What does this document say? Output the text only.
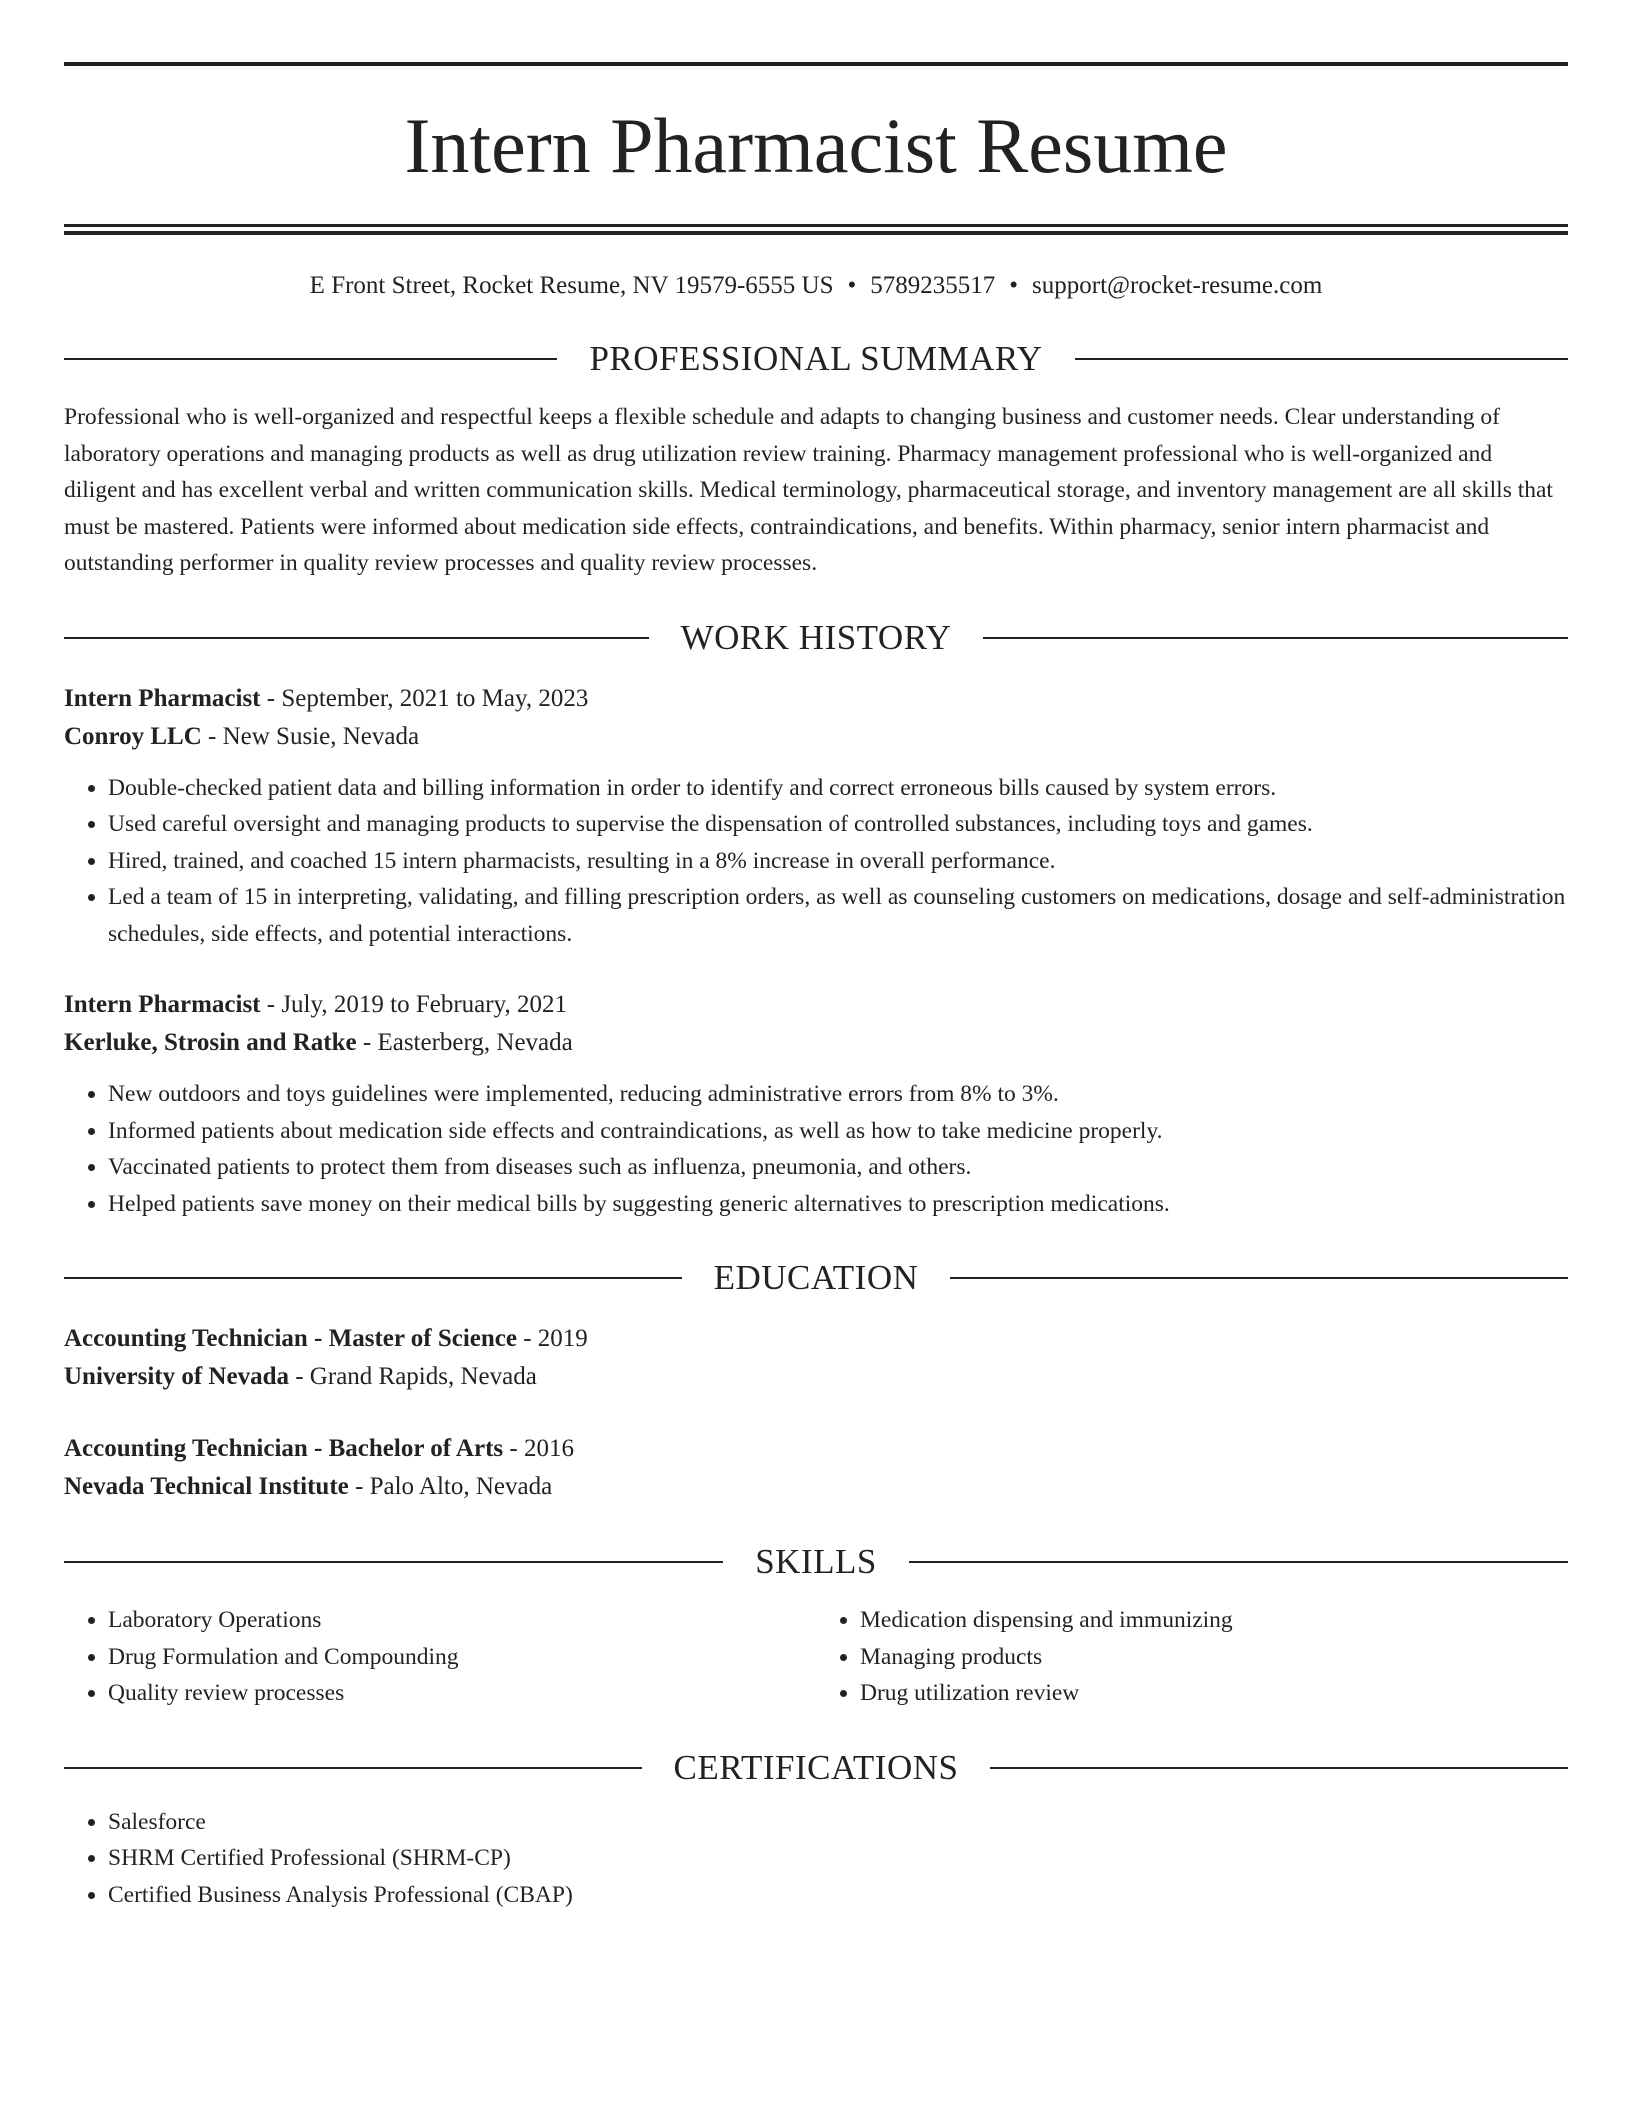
Intern Pharmacist Resume
E Front Street, Rocket Resume, NV 19579-6555 US • 5789235517 • support@rocket-resume.com
PROFESSIONAL SUMMARY
Professional who is well-organized and respectful keeps a flexible schedule and adapts to changing business and customer needs. Clear understanding of laboratory operations and managing products as well as drug utilization review training. Pharmacy management professional who is well-organized and diligent and has excellent verbal and written communication skills. Medical terminology, pharmaceutical storage, and inventory management are all skills that must be mastered. Patients were informed about medication side effects, contraindications, and benefits. Within pharmacy, senior intern pharmacist and outstanding performer in quality review processes and quality review processes.
WORK HISTORY
Intern Pharmacist - September, 2021 to May, 2023
Conroy LLC - New Susie, Nevada
• Double-checked patient data and billing information in order to identify and correct erroneous bills caused by system errors.
• Used careful oversight and managing products to supervise the dispensation of controlled substances, including toys and games.
• Hired, trained, and coached 15 intern pharmacists, resulting in a 8% increase in overall performance.
• Led a team of 15 in interpreting, validating, and filling prescription orders, as well as counseling customers on medications, dosage and self-administration schedules, side effects, and potential interactions.
Intern Pharmacist - July, 2019 to February, 2021
Kerluke, Strosin and Ratke - Easterberg, Nevada
• New outdoors and toys guidelines were implemented, reducing administrative errors from 8% to 3%.
• Informed patients about medication side effects and contraindications, as well as how to take medicine properly.
• Vaccinated patients to protect them from diseases such as influenza, pneumonia, and others.
• Helped patients save money on their medical bills by suggesting generic alternatives to prescription medications.
EDUCATION
Accounting Technician - Master of Science - 2019
University of Nevada - Grand Rapids, Nevada
Accounting Technician - Bachelor of Arts - 2016
Nevada Technical Institute - Palo Alto, Nevada
SKILLS
• Laboratory Operations
• Drug Formulation and Compounding
• Quality review processes
• Medication dispensing and immunizing
• Managing products
• Drug utilization review
CERTIFICATIONS
• Salesforce
• SHRM Certified Professional (SHRM-CP)
• Certified Business Analysis Professional (CBAP)
